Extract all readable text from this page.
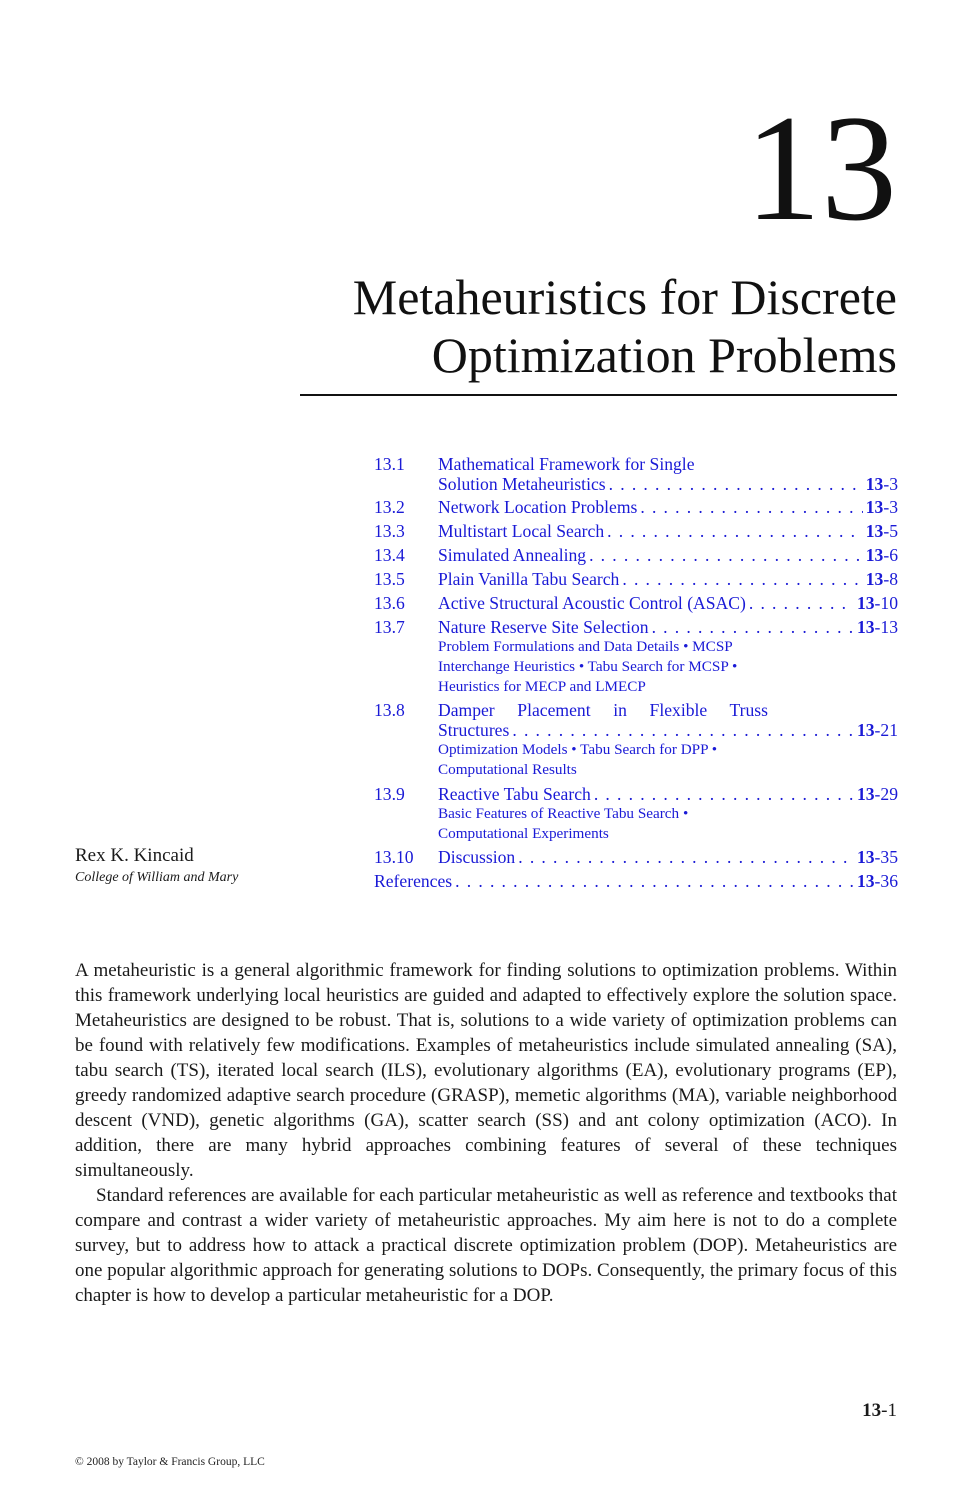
13
Metaheuristics for Discrete
Optimization Problems
13.1	Mathematical Framework for Single
Solution Metaheuristics . . .	13-3
13.2	Network Location Problems . . .	13-3
13.3	Multistart Local Search . . .	13-5
13.4	Simulated Annealing . . .	13-6
13.5	Plain Vanilla Tabu Search . . .	13-8
13.6	Active Structural Acoustic Control (ASAC) . . .	13-10
13.7	Nature Reserve Site Selection . . .	13-13
Problem Formulations and Data Details • MCSP
Interchange Heuristics • Tabu Search for MCSP •
Heuristics for MECP and LMECP
13.8	Damper Placement in Flexible Truss
Structures . . .	13-21
Optimization Models • Tabu Search for DPP •
Computational Results
13.9	Reactive Tabu Search . . .	13-29
Basic Features of Reactive Tabu Search •
Computational Experiments
13.10	Discussion . . .	13-35
References . . .	13-36
Rex K. Kincaid
College of William and Mary

A metaheuristic is a general algorithmic framework for finding solutions to optimization problems. Within this framework underlying local heuristics are guided and adapted to effectively explore the solution space. Metaheuristics are designed to be robust. That is, solutions to a wide variety of optimization problems can be found with relatively few modifications. Examples of metaheuristics include simulated annealing (SA), tabu search (TS), iterated local search (ILS), evolutionary algorithms (EA), evolutionary programs (EP), greedy randomized adaptive search procedure (GRASP), memetic algorithms (MA), variable neighborhood descent (VND), genetic algorithms (GA), scatter search (SS) and ant colony optimization (ACO). In addition, there are many hybrid approaches combining features of several of these techniques simultaneously.

Standard references are available for each particular metaheuristic as well as reference and textbooks that compare and contrast a wider variety of metaheuristic approaches. My aim here is not to do a complete survey, but to address how to attack a practical discrete optimization problem (DOP). Metaheuristics are one popular algorithmic approach for generating solutions to DOPs. Consequently, the primary focus of this chapter is how to develop a particular metaheuristic for a DOP.

13-1
© 2008 by Taylor & Francis Group, LLC
